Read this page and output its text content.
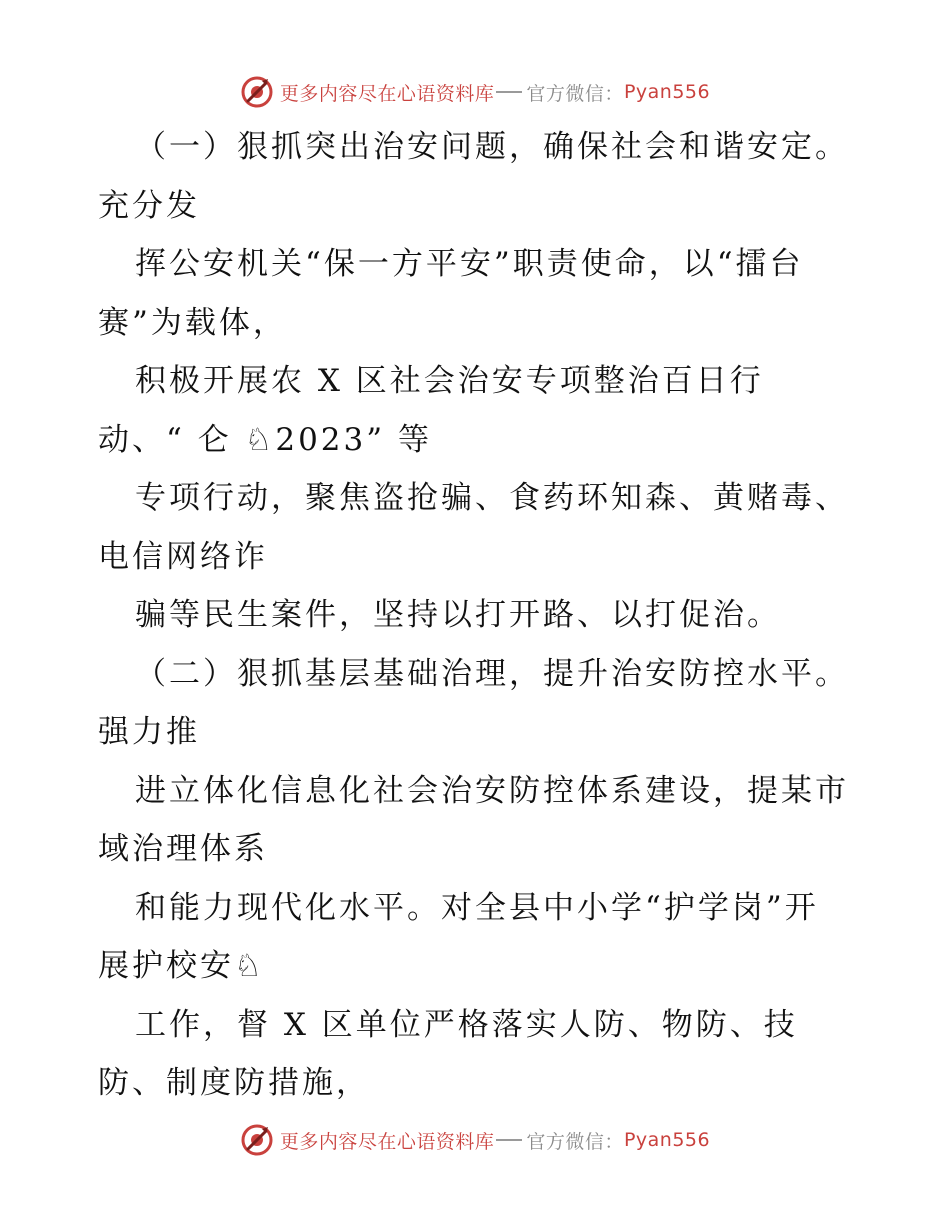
更多内容尽在心语资料库 官方微信： Pyan556
（一）狠抓突出治安问题，确保社会和谐安定。
充分发
挥公安机关“保一方平安”职责使命，以“擂台
赛”为载体，
积极开展农 X 区社会治安专项整治百日行
动、“ 仑 ♘2023” 等
专项行动，聚焦盗抢骗、食药环知森、黄赌毒、
电信网络诈
骗等民生案件，坚持以打开路、以打促治。
（二）狠抓基层基础治理，提升治安防控水平。
强力推
进立体化信息化社会治安防控体系建设，提某市
域治理体系
和能力现代化水平。对全县中小学“护学岗”开
展护校安♘
工作，督 X 区单位严格落实人防、物防、技
防、制度防措施，
更多内容尽在心语资料库 官方微信： Pyan556
